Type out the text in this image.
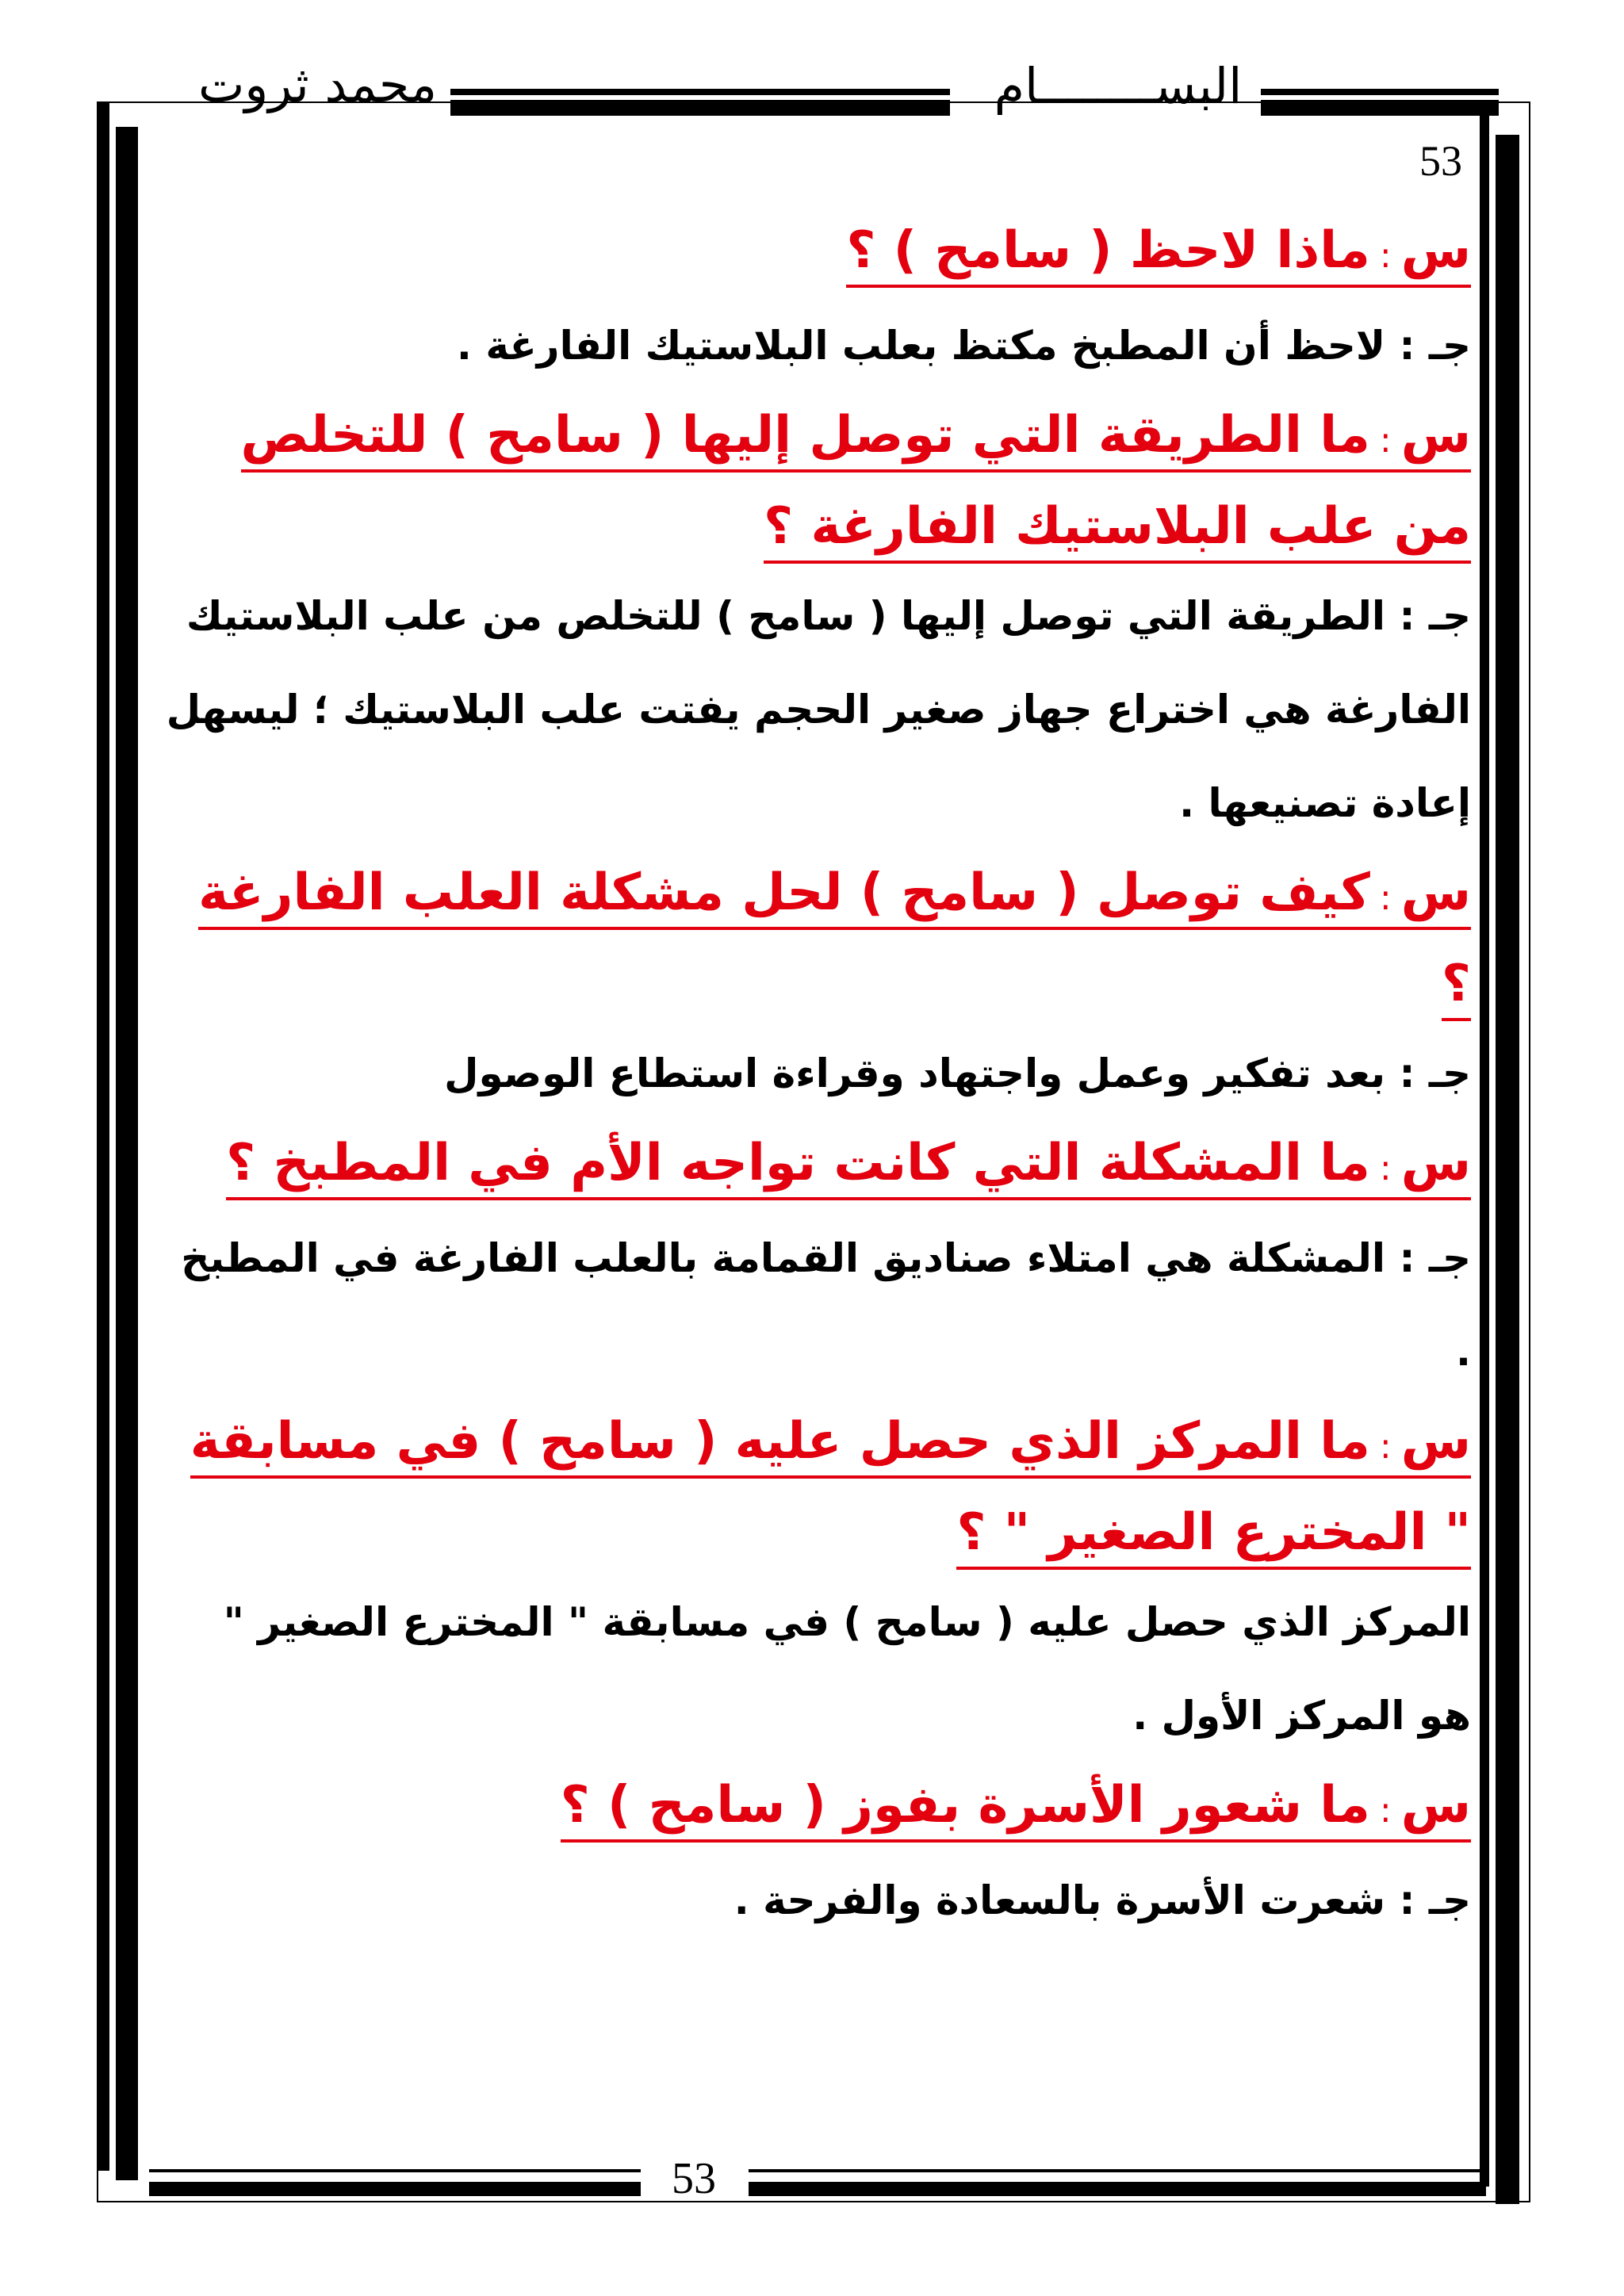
محمد ثروت	البســــــــام
53
53
س:ماذا لاحظ ( سامح ) ؟
جـ : لاحظ أن المطبخ مكتظ بعلب البلاستيك الفارغة .
س:ما الطريقة التي توصل إليها ( سامح ) للتخلص من علب البلاستيك الفارغة ؟
جـ : الطريقة التي توصل إليها ( سامح ) للتخلص من علب البلاستيك الفارغة هي اختراع جهاز صغير الحجم يفتت علب البلاستيك ؛ ليسهل إعادة تصنيعها .
س:كيف توصل ( سامح ) لحل مشكلة العلب الفارغة ؟
جـ : بعد تفكير وعمل واجتهاد وقراءة استطاع الوصول
س:ما المشكلة التي كانت تواجه الأم في المطبخ ؟
جـ : المشكلة هي امتلاء صناديق القمامة بالعلب الفارغة في المطبخ .
س:ما المركز الذي حصل عليه ( سامح ) في مسابقة " المخترع الصغير " ؟
المركز الذي حصل عليه ( سامح ) في مسابقة " المخترع الصغير " هو المركز الأول .
س:ما شعور الأسرة بفوز ( سامح ) ؟
جـ : شعرت الأسرة بالسعادة والفرحة .
